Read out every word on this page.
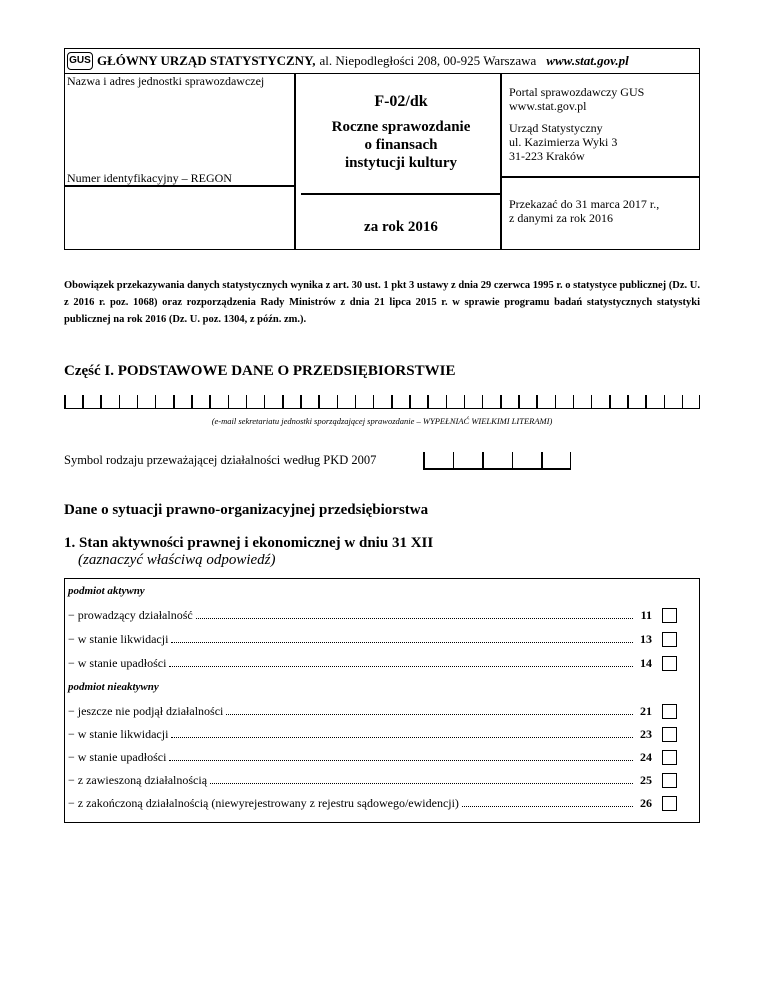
GUS GŁÓWNY URZĄD STATYSTYCZNY, al. Niepodległości 208, 00-925 Warszawa www.stat.gov.pl
Nazwa i adres jednostki sprawozdawczej
Numer identyfikacyjny – REGON
F-02/dk
Roczne sprawozdanie
o finansach
instytucji kultury
za rok 2016
Portal sprawozdawczy GUS
www.stat.gov.pl
Urząd Statystyczny
ul. Kazimierza Wyki 3
31-223 Kraków
Przekazać do 31 marca 2017 r.,
z danymi za rok 2016
Obowiązek przekazywania danych statystycznych wynika z art. 30 ust. 1 pkt 3 ustawy z dnia 29 czerwca 1995 r. o statystyce publicznej (Dz. U. z 2016 r. poz. 1068) oraz rozporządzenia Rady Ministrów z dnia 21 lipca 2015 r. w sprawie programu badań statystycznych statystyki publicznej na rok 2016 (Dz. U. poz. 1304, z późn. zm.).
Część I. PODSTAWOWE DANE O PRZEDSIĘBIORSTWIE
(e-mail sekretariatu jednostki sporządzającej sprawozdanie – WYPEŁNIAĆ WIELKIMI LITERAMI)
Symbol rodzaju przeważającej działalności według PKD 2007
Dane o sytuacji prawno-organizacyjnej przedsiębiorstwa
1. Stan aktywności prawnej i ekonomicznej w dniu 31 XII
(zaznaczyć właściwą odpowiedź)
podmiot aktywny
− prowadzący działalność	11
− w stanie likwidacji	13
− w stanie upadłości	14
podmiot nieaktywny
− jeszcze nie podjął działalności	21
− w stanie likwidacji	23
− w stanie upadłości	24
− z zawieszoną działalnością	25
− z zakończoną działalnością (niewyrejestrowany z rejestru sądowego/ewidencji)	26
